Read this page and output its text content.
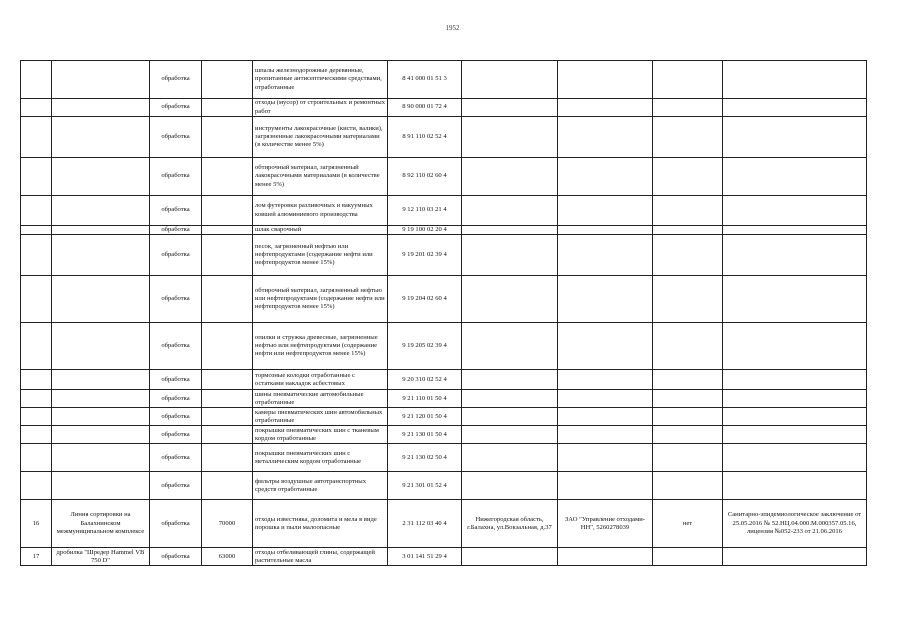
1952
		обработка		шпалы железнодорожные деревянные, пропитанные антисептическими средствами, отработанные	8 41 000 01 51 3				
		обработка		отходы (мусор) от строительных и ремонтных работ	8 90 000 01 72 4				
		обработка		инструменты лакокрасочные (кисти, валики), загрязненные лакокрасочными материалами (в количестве менее 5%)	8 91 110 02 52 4				
		обработка		обтирочный материал, загрязненный лакокрасочными материалами (в количестве менее 5%)	8 92 110 02 60 4				
		обработка		лом футеровки разливочных и вакуумных ковшей алюминиевого производства	9 12 110 03 21 4				
		обработка		шлак сварочный	9 19 100 02 20 4				
		обработка		песок, загрязненный нефтью или нефтепродуктами (содержание нефти или нефтепродуктов менее 15%)	9 19 201 02 39 4				
		обработка		обтирочный материал, загрязненный нефтью или нефтепродуктами (содержание нефти или нефтепродуктов менее 15%)	9 19 204 02 60 4				
		обработка		опилки и стружка древесные, загрязненные нефтью или нефтепродуктами (содержание нефти или нефтепродуктов менее 15%)	9 19 205 02 39 4				
		обработка		тормозные колодки отработанные с остатками накладок асбестовых	9 20 310 02 52 4				
		обработка		шины пневматические автомобильные отработанные	9 21 110 01 50 4				
		обработка		камеры пневматических шин автомобильных отработанные	9 21 120 01 50 4				
		обработка		покрышки пневматических шин с тканевым кордом отработанные	9 21 130 01 50 4				
		обработка		покрышки пневматических шин с металлическим кордом отработанные	9 21 130 02 50 4				
		обработка		фильтры воздушные автотранспортных средств отработанные	9 21 301 01 52 4				
16	Линия сортировки на Балахнинском межмуниципальном комплексе	обработка	70000	отходы известняка, доломита и мела в виде порошка и пыли малоопасные	2 31 112 03 40 4	Нижегородская область, г.Балахна, ул.Вокзальная, д.37	ЗАО "Управление отходами-НН", 5260278039	нет	Санитарно-эпидемиологическое заключение от 25.05.2016 № 52.НЦ.04.000.М.000357.05.16, лицензия №052-233 от 21.06.2016
17	дробилка "Шредер Hammel VB 750 D"	обработка	63000	отходы отбеливающей глины, содержащей растительные масла	3 01 141 51 29 4				
